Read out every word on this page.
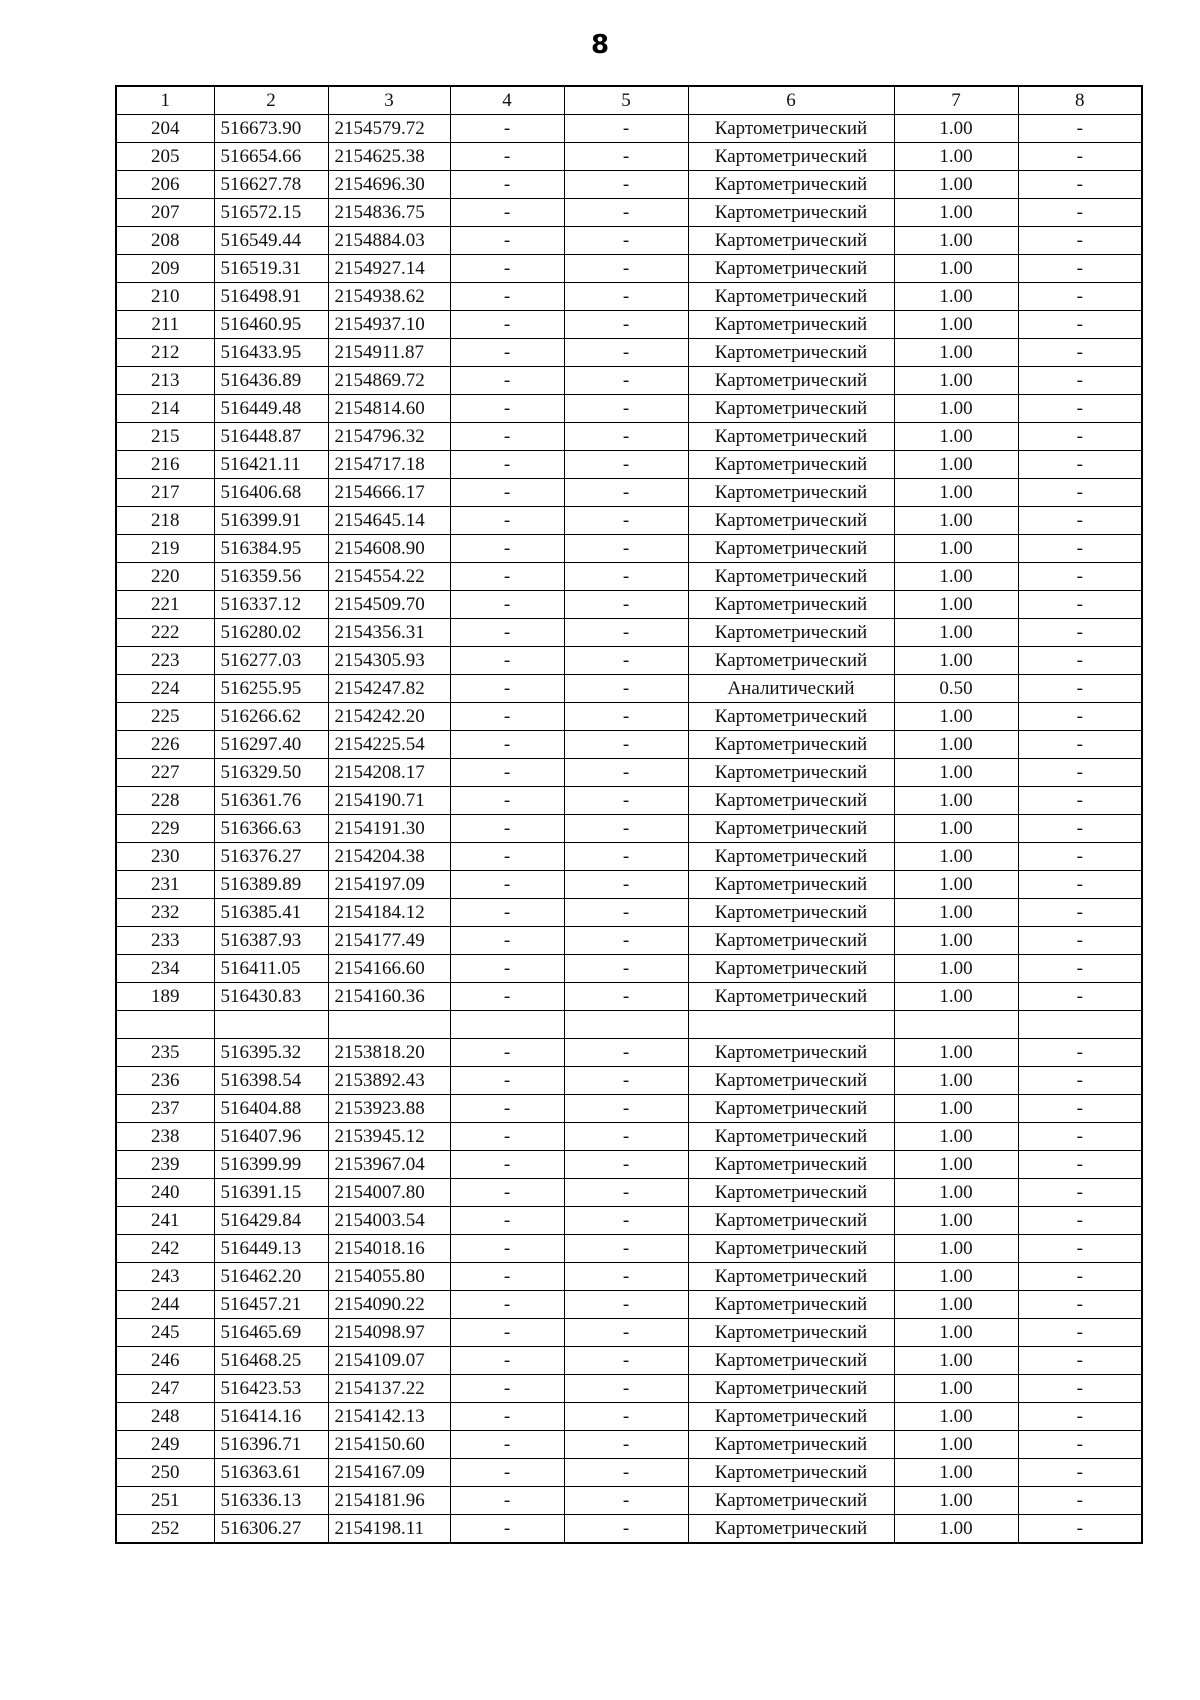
8
1	2	3	4	5	6	7	8
204	516673.90	2154579.72	-	-	Картометрический	1.00	-
205	516654.66	2154625.38	-	-	Картометрический	1.00	-
206	516627.78	2154696.30	-	-	Картометрический	1.00	-
207	516572.15	2154836.75	-	-	Картометрический	1.00	-
208	516549.44	2154884.03	-	-	Картометрический	1.00	-
209	516519.31	2154927.14	-	-	Картометрический	1.00	-
210	516498.91	2154938.62	-	-	Картометрический	1.00	-
211	516460.95	2154937.10	-	-	Картометрический	1.00	-
212	516433.95	2154911.87	-	-	Картометрический	1.00	-
213	516436.89	2154869.72	-	-	Картометрический	1.00	-
214	516449.48	2154814.60	-	-	Картометрический	1.00	-
215	516448.87	2154796.32	-	-	Картометрический	1.00	-
216	516421.11	2154717.18	-	-	Картометрический	1.00	-
217	516406.68	2154666.17	-	-	Картометрический	1.00	-
218	516399.91	2154645.14	-	-	Картометрический	1.00	-
219	516384.95	2154608.90	-	-	Картометрический	1.00	-
220	516359.56	2154554.22	-	-	Картометрический	1.00	-
221	516337.12	2154509.70	-	-	Картометрический	1.00	-
222	516280.02	2154356.31	-	-	Картометрический	1.00	-
223	516277.03	2154305.93	-	-	Картометрический	1.00	-
224	516255.95	2154247.82	-	-	Аналитический	0.50	-
225	516266.62	2154242.20	-	-	Картометрический	1.00	-
226	516297.40	2154225.54	-	-	Картометрический	1.00	-
227	516329.50	2154208.17	-	-	Картометрический	1.00	-
228	516361.76	2154190.71	-	-	Картометрический	1.00	-
229	516366.63	2154191.30	-	-	Картометрический	1.00	-
230	516376.27	2154204.38	-	-	Картометрический	1.00	-
231	516389.89	2154197.09	-	-	Картометрический	1.00	-
232	516385.41	2154184.12	-	-	Картометрический	1.00	-
233	516387.93	2154177.49	-	-	Картометрический	1.00	-
234	516411.05	2154166.60	-	-	Картометрический	1.00	-
189	516430.83	2154160.36	-	-	Картометрический	1.00	-

235	516395.32	2153818.20	-	-	Картометрический	1.00	-
236	516398.54	2153892.43	-	-	Картометрический	1.00	-
237	516404.88	2153923.88	-	-	Картометрический	1.00	-
238	516407.96	2153945.12	-	-	Картометрический	1.00	-
239	516399.99	2153967.04	-	-	Картометрический	1.00	-
240	516391.15	2154007.80	-	-	Картометрический	1.00	-
241	516429.84	2154003.54	-	-	Картометрический	1.00	-
242	516449.13	2154018.16	-	-	Картометрический	1.00	-
243	516462.20	2154055.80	-	-	Картометрический	1.00	-
244	516457.21	2154090.22	-	-	Картометрический	1.00	-
245	516465.69	2154098.97	-	-	Картометрический	1.00	-
246	516468.25	2154109.07	-	-	Картометрический	1.00	-
247	516423.53	2154137.22	-	-	Картометрический	1.00	-
248	516414.16	2154142.13	-	-	Картометрический	1.00	-
249	516396.71	2154150.60	-	-	Картометрический	1.00	-
250	516363.61	2154167.09	-	-	Картометрический	1.00	-
251	516336.13	2154181.96	-	-	Картометрический	1.00	-
252	516306.27	2154198.11	-	-	Картометрический	1.00	-
